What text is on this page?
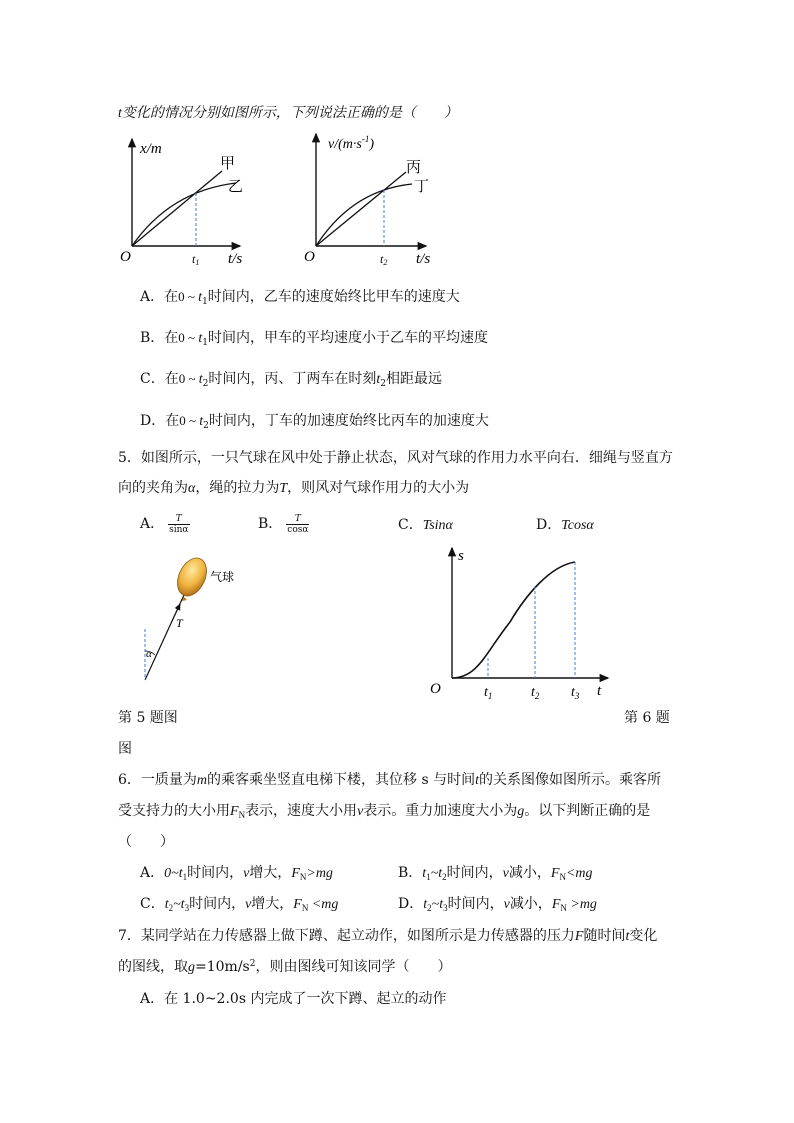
t变化的情况分别如图所示，下列说法正确的是（　　）
x/m
甲
乙
O	t1 t/s
$v/(m\cdot s^{-1})$
丙
丁
O	t2 t/s
A．在0 ~ $t_1$时间内，乙车的速度始终比甲车的速度大
B．在0 ~ $t_1$时间内，甲车的平均速度小于乙车的平均速度
C．在0 ~ $t_2$时间内，丙、丁两车在时刻$t_2$相距最远
D．在0 ~ $t_2$时间内，丁车的加速度始终比丙车的加速度大
5．如图所示，一只气球在风中处于静止状态，风对气球的作用力水平向右．细绳与竖直方
向的夹角为α，绳的拉力为T，则风对气球作用力的大小为
A． $\frac{T}{\sin\alpha}$	B． $\frac{T}{\cos\alpha}$	C．Tsinα	D．Tcosα
气球
T
α
s
O	$t_1$	$t_2$ $t_3$ t
第 5 题图	第 6 题
图
6．一质量为m的乘客乘坐竖直电梯下楼，其位移 s 与时间t的关系图像如图所示。乘客所
受支持力的大小用$F_N$表示，速度大小用v表示。重力加速度大小为g。以下判断正确的是
（　　）
A．$0\sim t_1$时间内，v增大，$F_N>mg$	B．$t_1\sim t_2$时间内，v减小，$F_N<mg$
C．$t_2\sim t_3$时间内，v增大，$F_N <mg$	D．$t_2\sim t_3$时间内，v减小，$F_N >mg$
7．某同学站在力传感器上做下蹲、起立动作，如图所示是力传感器的压力F随时间t变化
的图线，取$g=10m/s^2$，则由图线可知该同学（　　）
A．在 1.0~2.0s 内完成了一次下蹲、起立的动作
